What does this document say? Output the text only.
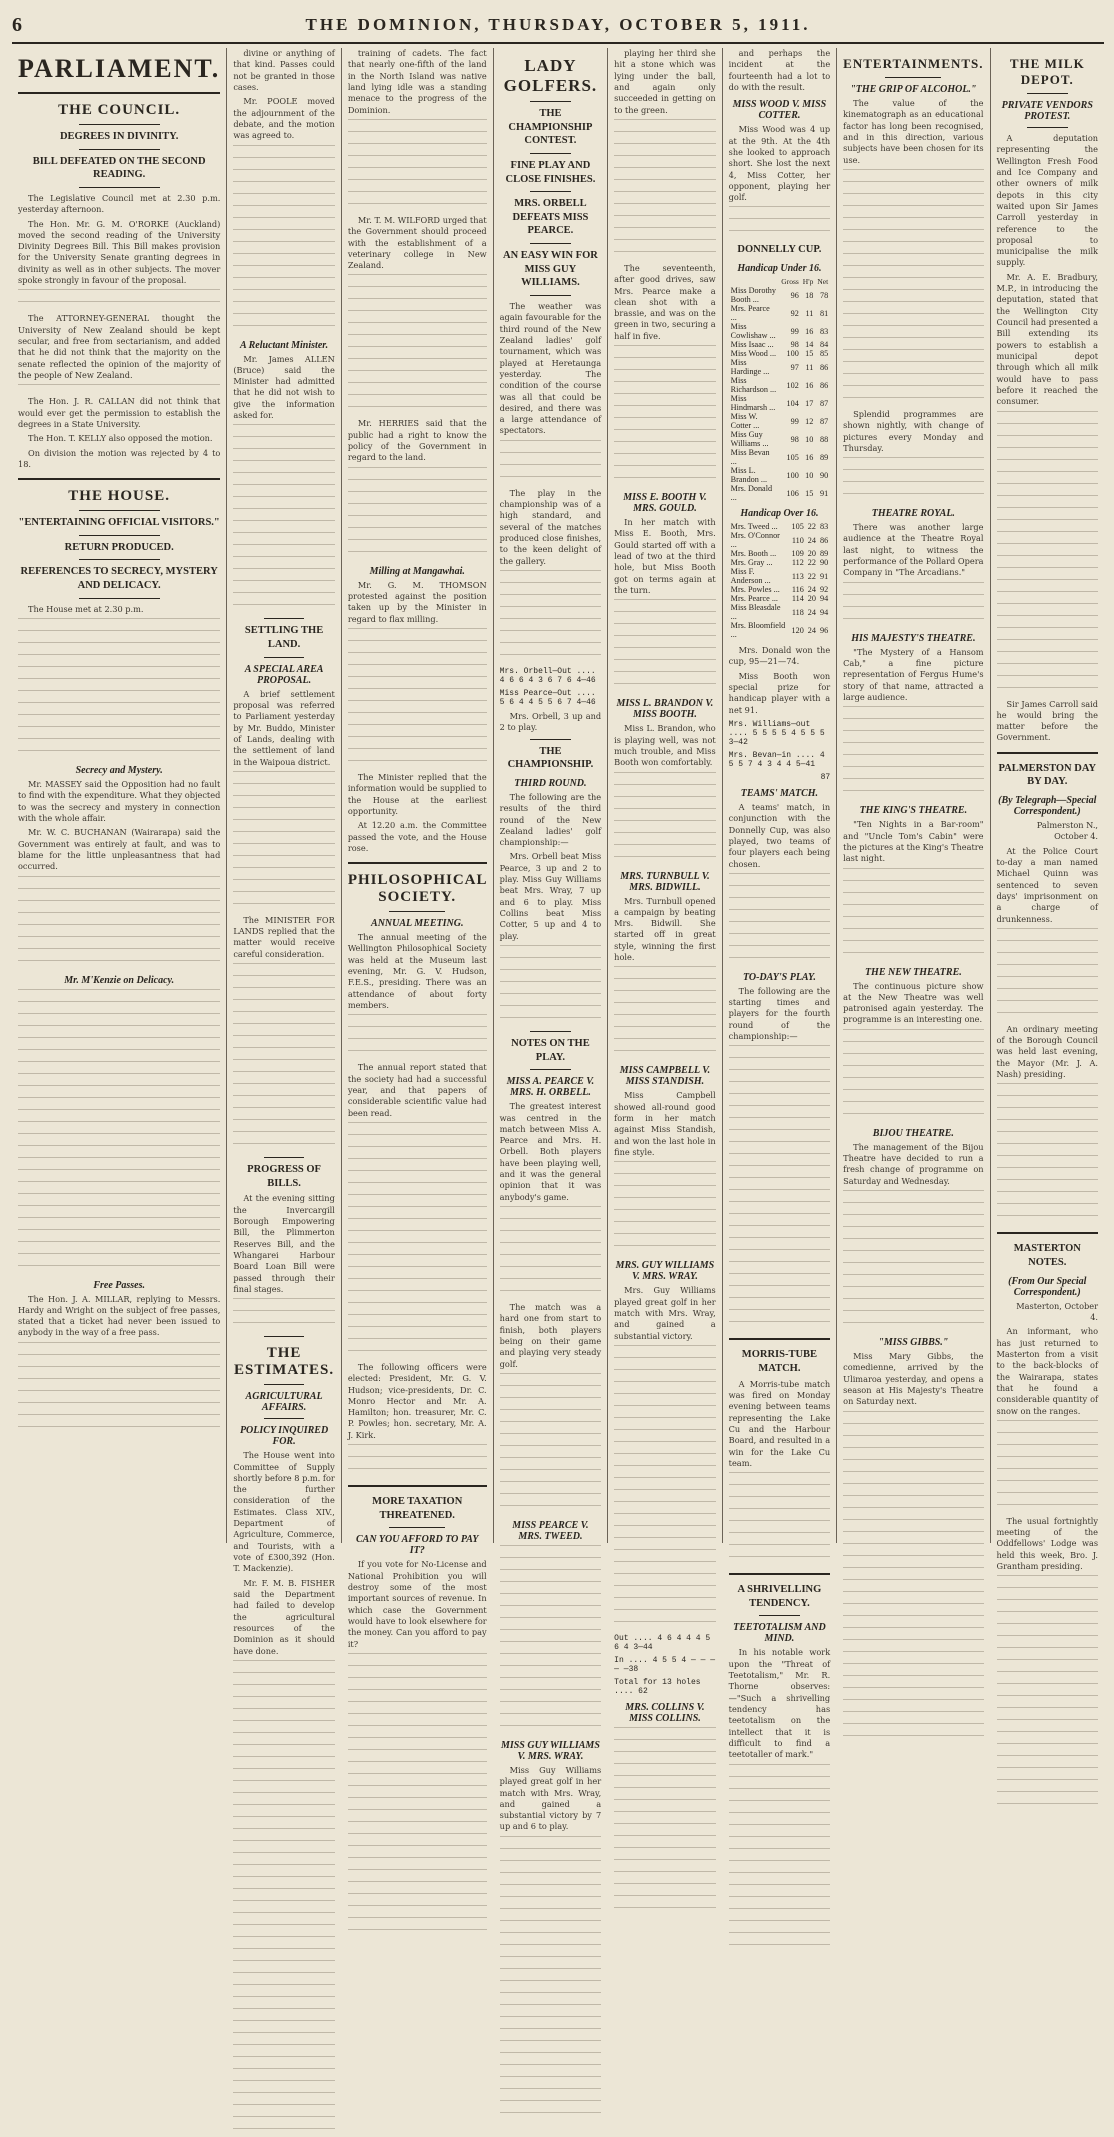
6	THE DOMINION, THURSDAY, OCTOBER 5, 1911.
PARLIAMENT.
THE COUNCIL.
DEGREES IN DIVINITY.
BILL DEFEATED ON THE SECOND READING.

The Legislative Council met at 2.30 p.m. yesterday afternoon.

The Hon. Mr. G. M. O'RORKE (Auckland) moved the second reading of the University Divinity Degrees Bill. This Bill makes provision for the University Senate granting degrees in divinity as well as in other subjects. The mover spoke strongly in favour of the proposal.

The ATTORNEY-GENERAL thought the University of New Zealand should be kept secular, and free from sectarianism, and added that he did not think that the majority on the senate reflected the opinion of the majority of the people of New Zealand.

The Hon. J. R. CALLAN did not think that would ever get the permission to establish the degrees in a State University.

The Hon. T. KELLY also opposed the motion.

On division the motion was rejected by 4 to 18.

THE HOUSE.
"ENTERTAINING OFFICIAL VISITORS."
RETURN PRODUCED.
REFERENCES TO SECRECY, MYSTERY AND DELICACY.

The House met at 2.30 p.m.

Secrecy and Mystery.

Mr. MASSEY said the Opposition had no fault to find with the expenditure. What they objected to was the secrecy and mystery in connection with the whole affair.

Mr. W. C. BUCHANAN (Wairarapa) said the Government was entirely at fault, and was to blame for the little unpleasantness that had occurred.

Mr. M'Kenzie on Delicacy.
Free Passes.

The Hon. J. A. MILLAR, replying to Messrs. Hardy and Wright on the subject of free passes, stated that a ticket had never been issued to anybody in the way of a free pass.

divine or anything of that kind. Passes could not be granted in those cases.

Mr. POOLE moved the adjournment of the debate, and the motion was agreed to.

A Reluctant Minister.

Mr. James ALLEN (Bruce) said the Minister had admitted that he did not wish to give the information asked for.

SETTLING THE LAND.
A SPECIAL AREA PROPOSAL.

A brief settlement proposal was referred to Parliament yesterday by Mr. Buddo, Minister of Lands, dealing with the settlement of land in the Waipoua district.

The MINISTER FOR LANDS replied that the matter would receive careful consideration.

PROGRESS OF BILLS.

At the evening sitting the Invercargill Borough Empowering Bill, the Plimmerton Reserves Bill, and the Whangarei Harbour Board Loan Bill were passed through their final stages.

THE ESTIMATES.
AGRICULTURAL AFFAIRS.
POLICY INQUIRED FOR.

The House went into Committee of Supply shortly before 8 p.m. for the further consideration of the Estimates. Class XIV., Department of Agriculture, Commerce, and Tourists, with a vote of £300,392 (Hon. T. Mackenzie).

Mr. F. M. B. FISHER said the Department had failed to develop the agricultural resources of the Dominion as it should have done.

training of cadets. The fact that nearly one-fifth of the land in the North Island was native land lying idle was a standing menace to the progress of the Dominion.

Mr. T. M. WILFORD urged that the Government should proceed with the establishment of a veterinary college in New Zealand.

Mr. HERRIES said that the public had a right to know the policy of the Government in regard to the land.

Milling at Mangawhai.

Mr. G. M. THOMSON protested against the position taken up by the Minister in regard to flax milling.

The Minister replied that the information would be supplied to the House at the earliest opportunity.

At 12.20 a.m. the Committee passed the vote, and the House rose.

PHILOSOPHICAL SOCIETY.
ANNUAL MEETING.

The annual meeting of the Wellington Philosophical Society was held at the Museum last evening, Mr. G. V. Hudson, F.E.S., presiding. There was an attendance of about forty members.

The annual report stated that the society had had a successful year, and that papers of considerable scientific value had been read.

The following officers were elected: President, Mr. G. V. Hudson; vice-presidents, Dr. C. Monro Hector and Mr. A. Hamilton; hon. treasurer, Mr. C. P. Powles; hon. secretary, Mr. A. J. Kirk.

MORE TAXATION THREATENED.
CAN YOU AFFORD TO PAY IT?

If you vote for No-License and National Prohibition you will destroy some of the most important sources of revenue. In which case the Government would have to look elsewhere for the money. Can you afford to pay it?

LADY GOLFERS.
THE CHAMPIONSHIP CONTEST.
FINE PLAY AND CLOSE FINISHES.
MRS. ORBELL DEFEATS MISS PEARCE.
AN EASY WIN FOR MISS GUY WILLIAMS.

The weather was again favourable for the third round of the New Zealand ladies' golf tournament, which was played at Heretaunga yesterday. The condition of the course was all that could be desired, and there was a large attendance of spectators.

The play in the championship was of a high standard, and several of the matches produced close finishes, to the keen delight of the gallery.

Mrs. Orbell—Out .... 4 6 6 4 3 6 7 6 4—46
Miss Pearce—Out .... 5 6 4 4 5 5 6 7 4—46

Mrs. Orbell, 3 up and 2 to play.

THE CHAMPIONSHIP.
THIRD ROUND.

The following are the results of the third round of the New Zealand ladies' golf championship:—

Mrs. Orbell beat Miss Pearce, 3 up and 2 to play. Miss Guy Williams beat Mrs. Wray, 7 up and 6 to play. Miss Collins beat Miss Cotter, 5 up and 4 to play.

NOTES ON THE PLAY.
MISS A. PEARCE V. MRS. H. ORBELL.

The greatest interest was centred in the match between Miss A. Pearce and Mrs. H. Orbell. Both players have been playing well, and it was the general opinion that it was anybody's game.

The match was a hard one from start to finish, both players being on their game and playing very steady golf.

MISS PEARCE V. MRS. TWEED.
MISS GUY WILLIAMS V. MRS. WRAY.

Miss Guy Williams played great golf in her match with Mrs. Wray, and gained a substantial victory by 7 up and 6 to play.

playing her third she hit a stone which was lying under the ball, and again only succeeded in getting on to the green.

The seventeenth, after good drives, saw Mrs. Pearce make a clean shot with a brassie, and was on the green in two, securing a half in five.

MISS E. BOOTH V. MRS. GOULD.

In her match with Miss E. Booth, Mrs. Gould started off with a lead of two at the third hole, but Miss Booth got on terms again at the turn.

MISS L. BRANDON V. MISS BOOTH.

Miss L. Brandon, who is playing well, was not much trouble, and Miss Booth won comfortably.

MRS. TURNBULL V. MRS. BIDWILL.

Mrs. Turnbull opened a campaign by beating Mrs. Bidwill. She started off in great style, winning the first hole.

MISS CAMPBELL V. MISS STANDISH.

Miss Campbell showed all-round good form in her match against Miss Standish, and won the last hole in fine style.

MRS. GUY WILLIAMS V. MRS. WRAY.

Mrs. Guy Williams played great golf in her match with Mrs. Wray, and gained a substantial victory.

Out .... 4 6 4 4 4 5 6 4 3—44
In .... 4 5 5 4 — — — — —38
Total for 13 holes .... 62
MRS. COLLINS V. MISS COLLINS.

and perhaps the incident at the fourteenth had a lot to do with the result.

MISS WOOD V. MISS COTTER.

Miss Wood was 4 up at the 9th. At the 4th she looked to approach short. She lost the next 4, Miss Cotter, her opponent, playing her golf.

DONNELLY CUP.
Handicap Under 16.
	Gross	H'p	Net
Miss Dorothy Booth ...	96	18	78
Mrs. Pearce ...	92	11	81
Miss Cowlishaw ...	99	16	83
Miss Isaac ...	98	14	84
Miss Wood ...	100	15	85
Miss Hardinge ...	97	11	86
Miss Richardson ...	102	16	86
Miss Hindmarsh ...	104	17	87
Miss W. Cotter ...	99	12	87
Miss Guy Williams ...	98	10	88
Miss Bevan ...	105	16	89
Miss L. Brandon ...	100	10	90
Mrs. Donald ...	106	15	91
Handicap Over 16.
Mrs. Tweed ...	105	22	83
Mrs. O'Connor ...	110	24	86
Mrs. Booth ...	109	20	89
Mrs. Gray ...	112	22	90
Miss F. Anderson ...	113	22	91
Mrs. Powles ...	116	24	92
Mrs. Pearce ...	114	20	94
Miss Bleasdale ...	118	24	94
Mrs. Bloomfield ...	120	24	96

Mrs. Donald won the cup, 95—21—74.

Miss Booth won special prize for handicap player with a net 91.

Mrs. Williams—out .... 5 5 5 5 4 5 5 5 3—42
Mrs. Bevan—in .... 4 5 5 7 4 3 4 4 5—41
87
TEAMS' MATCH.

A teams' match, in conjunction with the Donnelly Cup, was also played, two teams of four players each being chosen.

TO-DAY'S PLAY.

The following are the starting times and players for the fourth round of the championship:—

MORRIS-TUBE MATCH.

A Morris-tube match was fired on Monday evening between teams representing the Lake Cu and the Harbour Board, and resulted in a win for the Lake Cu team.

A SHRIVELLING TENDENCY.
TEETOTALISM AND MIND.

In his notable work upon the "Threat of Teetotalism," Mr. R. Thorne observes:—"Such a shrivelling tendency has teetotalism on the intellect that it is difficult to find a teetotaller of mark."

ENTERTAINMENTS.
"THE GRIP OF ALCOHOL."

The value of the kinematograph as an educational factor has long been recognised, and in this direction, various subjects have been chosen for its use.

Splendid programmes are shown nightly, with change of pictures every Monday and Thursday.

THEATRE ROYAL.

There was another large audience at the Theatre Royal last night, to witness the performance of the Pollard Opera Company in "The Arcadians."

HIS MAJESTY'S THEATRE.

"The Mystery of a Hansom Cab," a fine picture representation of Fergus Hume's story of that name, attracted a large audience.

THE KING'S THEATRE.

"Ten Nights in a Bar-room" and "Uncle Tom's Cabin" were the pictures at the King's Theatre last night.

THE NEW THEATRE.

The continuous picture show at the New Theatre was well patronised again yesterday. The programme is an interesting one.

BIJOU THEATRE.

The management of the Bijou Theatre have decided to run a fresh change of programme on Saturday and Wednesday.

"MISS GIBBS."

Miss Mary Gibbs, the comedienne, arrived by the Ulimaroa yesterday, and opens a season at His Majesty's Theatre on Saturday next.

THE MILK DEPOT.
PRIVATE VENDORS PROTEST.

A deputation representing the Wellington Fresh Food and Ice Company and other owners of milk depots in this city waited upon Sir James Carroll yesterday in reference to the proposal to municipalise the milk supply.

Mr. A. E. Bradbury, M.P., in introducing the deputation, stated that the Wellington City Council had presented a Bill extending its powers to establish a municipal depot through which all milk would have to pass before it reached the consumer.

Sir James Carroll said he would bring the matter before the Government.

PALMERSTON DAY BY DAY.
(By Telegraph—Special Correspondent.)

Palmerston N., October 4.

At the Police Court to-day a man named Michael Quinn was sentenced to seven days' imprisonment on a charge of drunkenness.

An ordinary meeting of the Borough Council was held last evening, the Mayor (Mr. J. A. Nash) presiding.

MASTERTON NOTES.
(From Our Special Correspondent.)

Masterton, October 4.

An informant, who has just returned to Masterton from a visit to the back-blocks of the Wairarapa, states that he found a considerable quantity of snow on the ranges.

The usual fortnightly meeting of the Oddfellows' Lodge was held this week, Bro. J. Grantham presiding.
